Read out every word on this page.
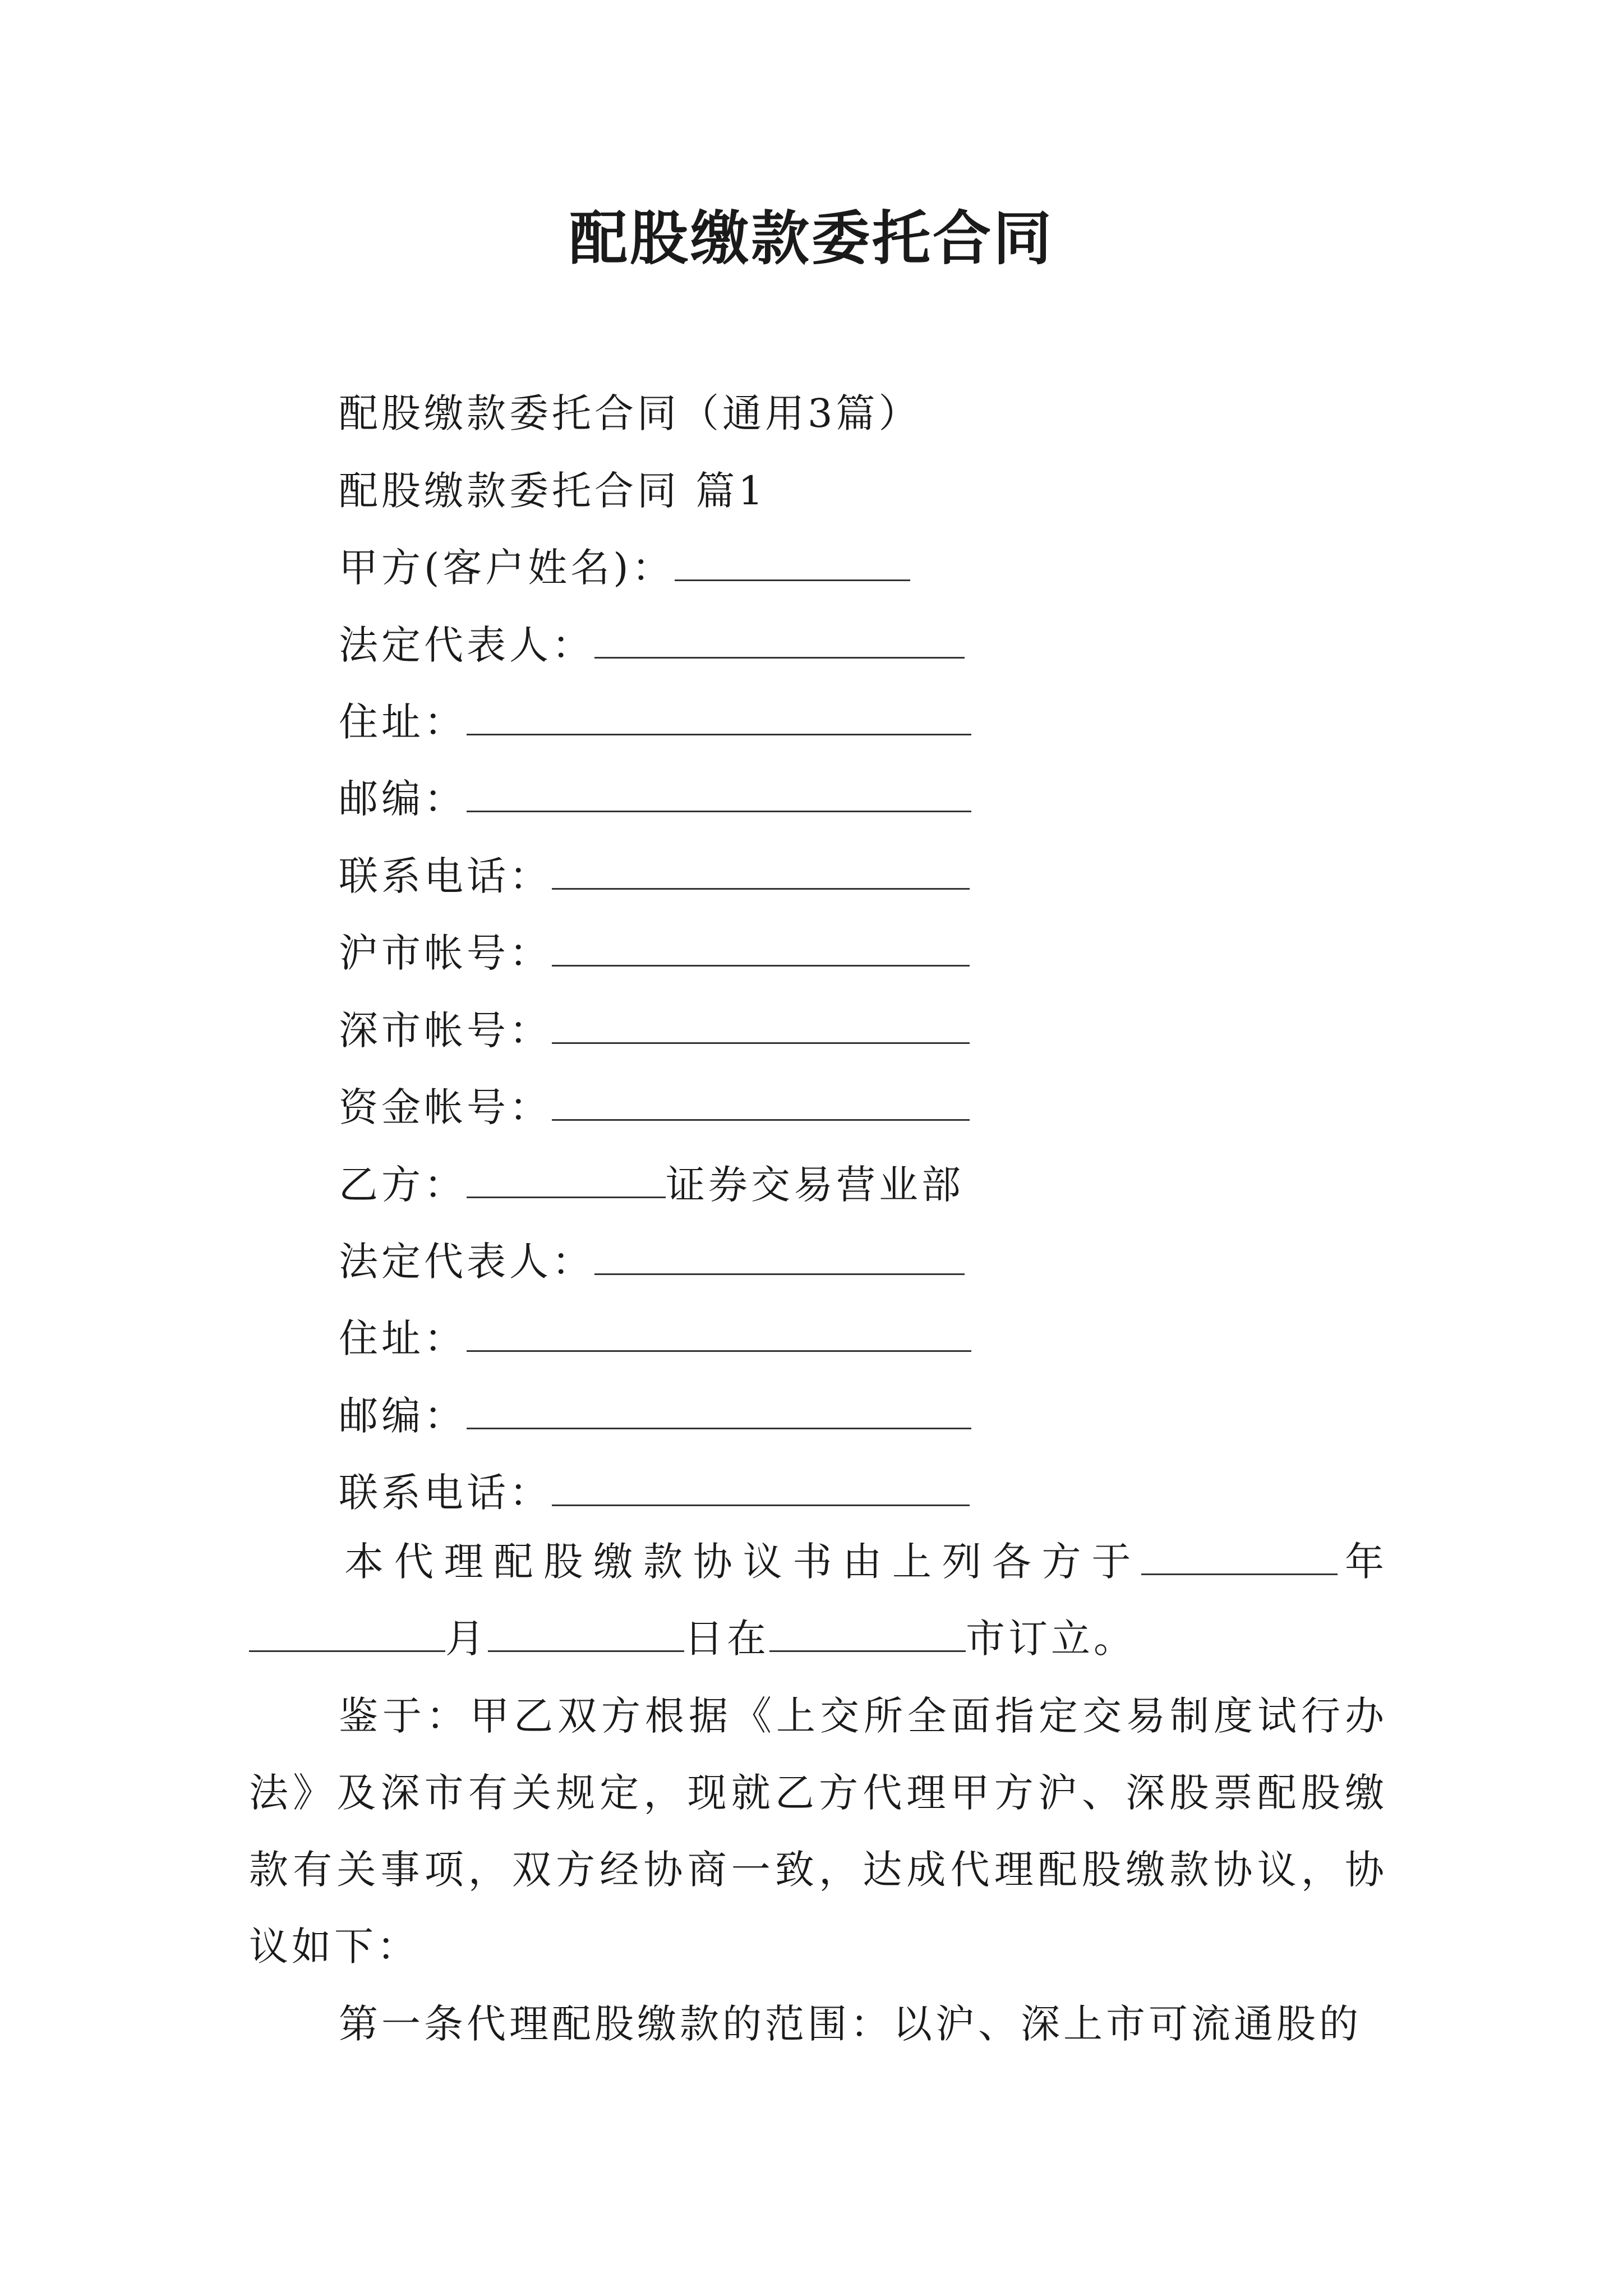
配股缴款委托合同
配股缴款委托合同（通用3篇）
配股缴款委托合同 篇1
甲方(客户姓名)：
法定代表人：
住址：
邮编：
联系电话：
沪市帐号：
深市帐号：
资金帐号：
乙方：	证券交易营业部
法定代表人：
住址：
邮编：
联系电话：

本代理配股缴款协议书由上列各方于	年月	日在	市订立。

鉴于：甲乙双方根据《上交所全面指定交易制度试行办法》及深市有关规定，现就乙方代理甲方沪、深股票配股缴款有关事项，双方经协商一致，达成代理配股缴款协议，协议如下：

第一条代理配股缴款的范围：以沪、深上市可流通股的
